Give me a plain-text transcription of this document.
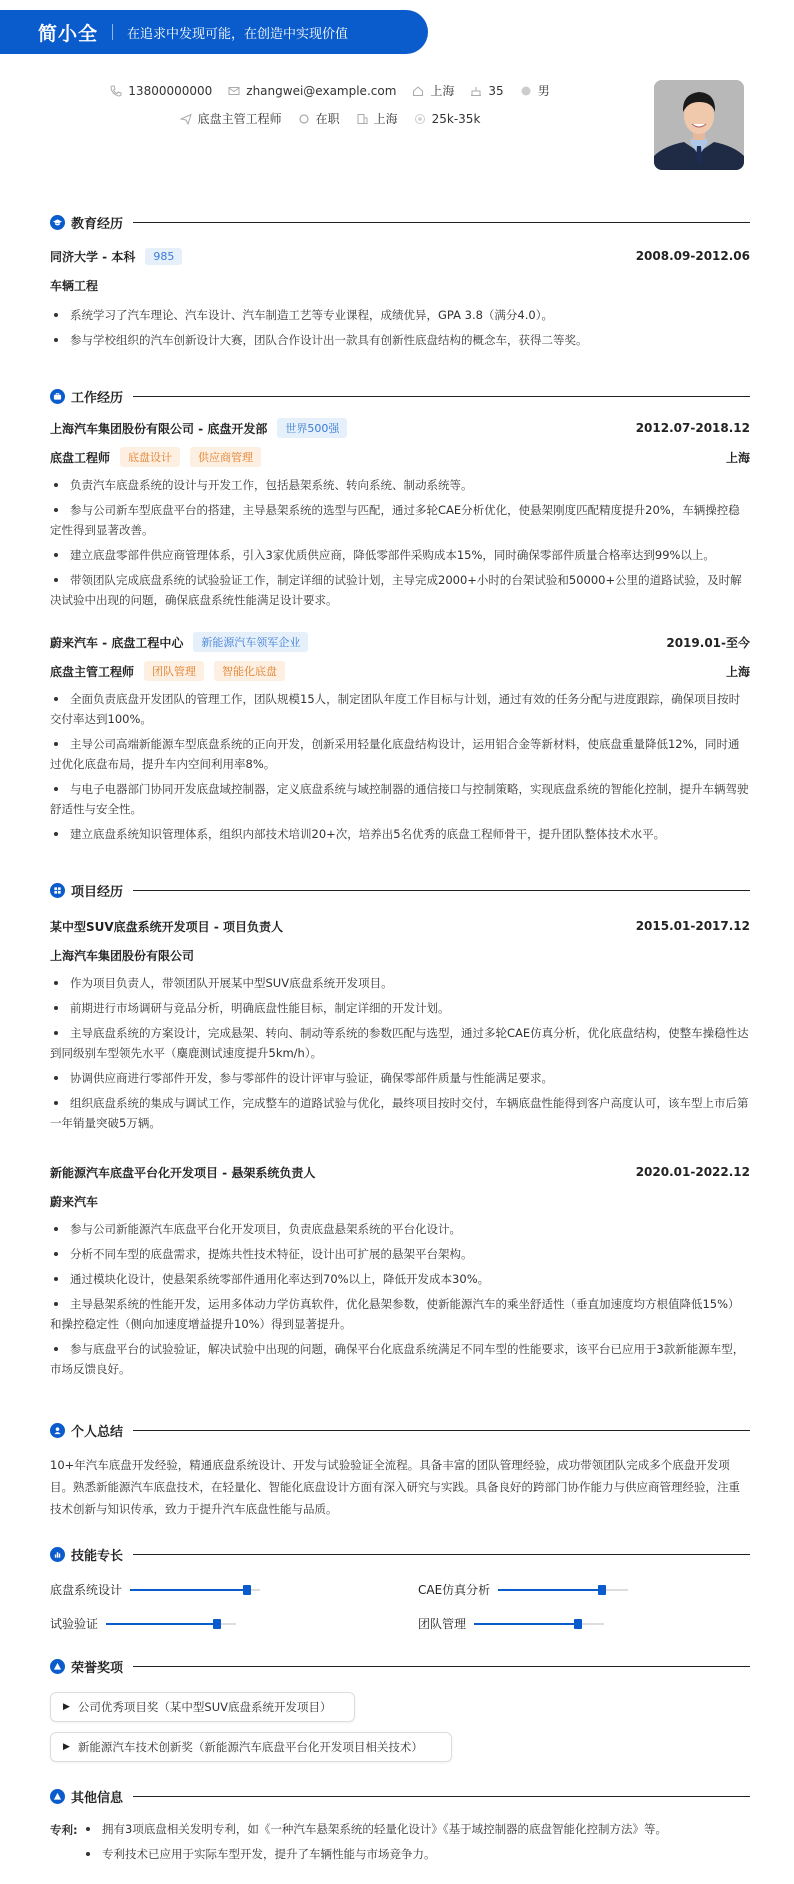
简小全 在追求中发现可能，在创造中实现价值
13800000000	zhangwei@example.com	上海	35	男
底盘主管工程师	在职	上海	25k-35k
教育经历
同济大学 - 本科	985	2008.09-2012.06
车辆工程
系统学习了汽车理论、汽车设计、汽车制造工艺等专业课程，成绩优异，GPA 3.8（满分4.0）。
参与学校组织的汽车创新设计大赛，团队合作设计出一款具有创新性底盘结构的概念车，获得二等奖。
工作经历
上海汽车集团股份有限公司 - 底盘开发部	世界500强	2012.07-2018.12
底盘工程师	底盘设计	供应商管理	上海
负责汽车底盘系统的设计与开发工作，包括悬架系统、转向系统、制动系统等。
参与公司新车型底盘平台的搭建，主导悬架系统的选型与匹配，通过多轮CAE分析优化，使悬架刚度匹配精度提升20%，车辆操控稳定性得到显著改善。
建立底盘零部件供应商管理体系，引入3家优质供应商，降低零部件采购成本15%，同时确保零部件质量合格率达到99%以上。
带领团队完成底盘系统的试验验证工作，制定详细的试验计划，主导完成2000+小时的台架试验和50000+公里的道路试验，及时解决试验中出现的问题，确保底盘系统性能满足设计要求。
蔚来汽车 - 底盘工程中心	新能源汽车领军企业	2019.01-至今
底盘主管工程师	团队管理	智能化底盘	上海
全面负责底盘开发团队的管理工作，团队规模15人，制定团队年度工作目标与计划，通过有效的任务分配与进度跟踪，确保项目按时交付率达到100%。
主导公司高端新能源车型底盘系统的正向开发，创新采用轻量化底盘结构设计，运用铝合金等新材料，使底盘重量降低12%，同时通过优化底盘布局，提升车内空间利用率8%。
与电子电器部门协同开发底盘域控制器，定义底盘系统与域控制器的通信接口与控制策略，实现底盘系统的智能化控制，提升车辆驾驶舒适性与安全性。
建立底盘系统知识管理体系，组织内部技术培训20+次，培养出5名优秀的底盘工程师骨干，提升团队整体技术水平。
项目经历
某中型SUV底盘系统开发项目 - 项目负责人	2015.01-2017.12
上海汽车集团股份有限公司
作为项目负责人，带领团队开展某中型SUV底盘系统开发项目。
前期进行市场调研与竞品分析，明确底盘性能目标，制定详细的开发计划。
主导底盘系统的方案设计，完成悬架、转向、制动等系统的参数匹配与选型，通过多轮CAE仿真分析，优化底盘结构，使整车操稳性达到同级别车型领先水平（麋鹿测试速度提升5km/h）。
协调供应商进行零部件开发，参与零部件的设计评审与验证，确保零部件质量与性能满足要求。
组织底盘系统的集成与调试工作，完成整车的道路试验与优化，最终项目按时交付，车辆底盘性能得到客户高度认可，该车型上市后第一年销量突破5万辆。
新能源汽车底盘平台化开发项目 - 悬架系统负责人	2020.01-2022.12
蔚来汽车
参与公司新能源汽车底盘平台化开发项目，负责底盘悬架系统的平台化设计。
分析不同车型的底盘需求，提炼共性技术特征，设计出可扩展的悬架平台架构。
通过模块化设计，使悬架系统零部件通用化率达到70%以上，降低开发成本30%。
主导悬架系统的性能开发，运用多体动力学仿真软件，优化悬架参数，使新能源汽车的乘坐舒适性（垂直加速度均方根值降低15%）和操控稳定性（侧向加速度增益提升10%）得到显著提升。
参与底盘平台的试验验证，解决试验中出现的问题，确保平台化底盘系统满足不同车型的性能要求，该平台已应用于3款新能源车型，市场反馈良好。
个人总结
10+年汽车底盘开发经验，精通底盘系统设计、开发与试验验证全流程。具备丰富的团队管理经验，成功带领团队完成多个底盘开发项目。熟悉新能源汽车底盘技术，在轻量化、智能化底盘设计方面有深入研究与实践。具备良好的跨部门协作能力与供应商管理经验，注重技术创新与知识传承，致力于提升汽车底盘性能与品质。
技能专长
底盘系统设计	CAE仿真分析
试验验证	团队管理
荣誉奖项
▶ 公司优秀项目奖（某中型SUV底盘系统开发项目）
▶ 新能源汽车技术创新奖（新能源汽车底盘平台化开发项目相关技术）
其他信息
专利:	拥有3项底盘相关发明专利，如《一种汽车悬架系统的轻量化设计》《基于域控制器的底盘智能化控制方法》等。
专利技术已应用于实际车型开发，提升了车辆性能与市场竞争力。
